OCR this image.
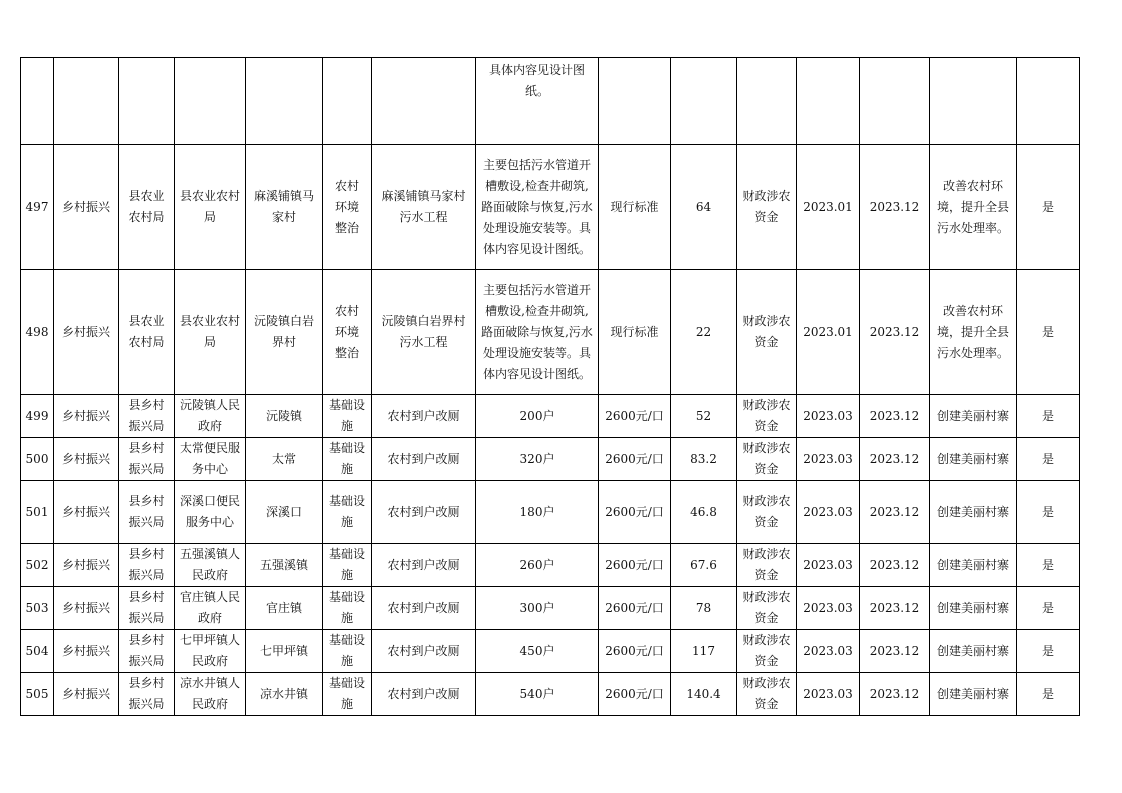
							具体内容见设计图纸。							
497	乡村振兴	县农业农村局	县农业农村局	麻溪铺镇马家村	农村环境整治	麻溪铺镇马家村污水工程	主要包括污水管道开槽敷设,检查井砌筑,路面破除与恢复,污水处理设施安装等。具体内容见设计图纸。	现行标准	64	财政涉农资金	2023.01	2023.12	改善农村环境，提升全县污水处理率。	是
498	乡村振兴	县农业农村局	县农业农村局	沅陵镇白岩界村	农村环境整治	沅陵镇白岩界村污水工程	主要包括污水管道开槽敷设,检查井砌筑,路面破除与恢复,污水处理设施安装等。具体内容见设计图纸。	现行标准	22	财政涉农资金	2023.01	2023.12	改善农村环境，提升全县污水处理率。	是
499	乡村振兴	县乡村振兴局	沅陵镇人民政府	沅陵镇	基础设施	农村到户改厕	200户	2600元/口	52	财政涉农资金	2023.03	2023.12	创建美丽村寨	是
500	乡村振兴	县乡村振兴局	太常便民服务中心	太常	基础设施	农村到户改厕	320户	2600元/口	83.2	财政涉农资金	2023.03	2023.12	创建美丽村寨	是
501	乡村振兴	县乡村振兴局	深溪口便民服务中心	深溪口	基础设施	农村到户改厕	180户	2600元/口	46.8	财政涉农资金	2023.03	2023.12	创建美丽村寨	是
502	乡村振兴	县乡村振兴局	五强溪镇人民政府	五强溪镇	基础设施	农村到户改厕	260户	2600元/口	67.6	财政涉农资金	2023.03	2023.12	创建美丽村寨	是
503	乡村振兴	县乡村振兴局	官庄镇人民政府	官庄镇	基础设施	农村到户改厕	300户	2600元/口	78	财政涉农资金	2023.03	2023.12	创建美丽村寨	是
504	乡村振兴	县乡村振兴局	七甲坪镇人民政府	七甲坪镇	基础设施	农村到户改厕	450户	2600元/口	117	财政涉农资金	2023.03	2023.12	创建美丽村寨	是
505	乡村振兴	县乡村振兴局	凉水井镇人民政府	凉水井镇	基础设施	农村到户改厕	540户	2600元/口	140.4	财政涉农资金	2023.03	2023.12	创建美丽村寨	是
